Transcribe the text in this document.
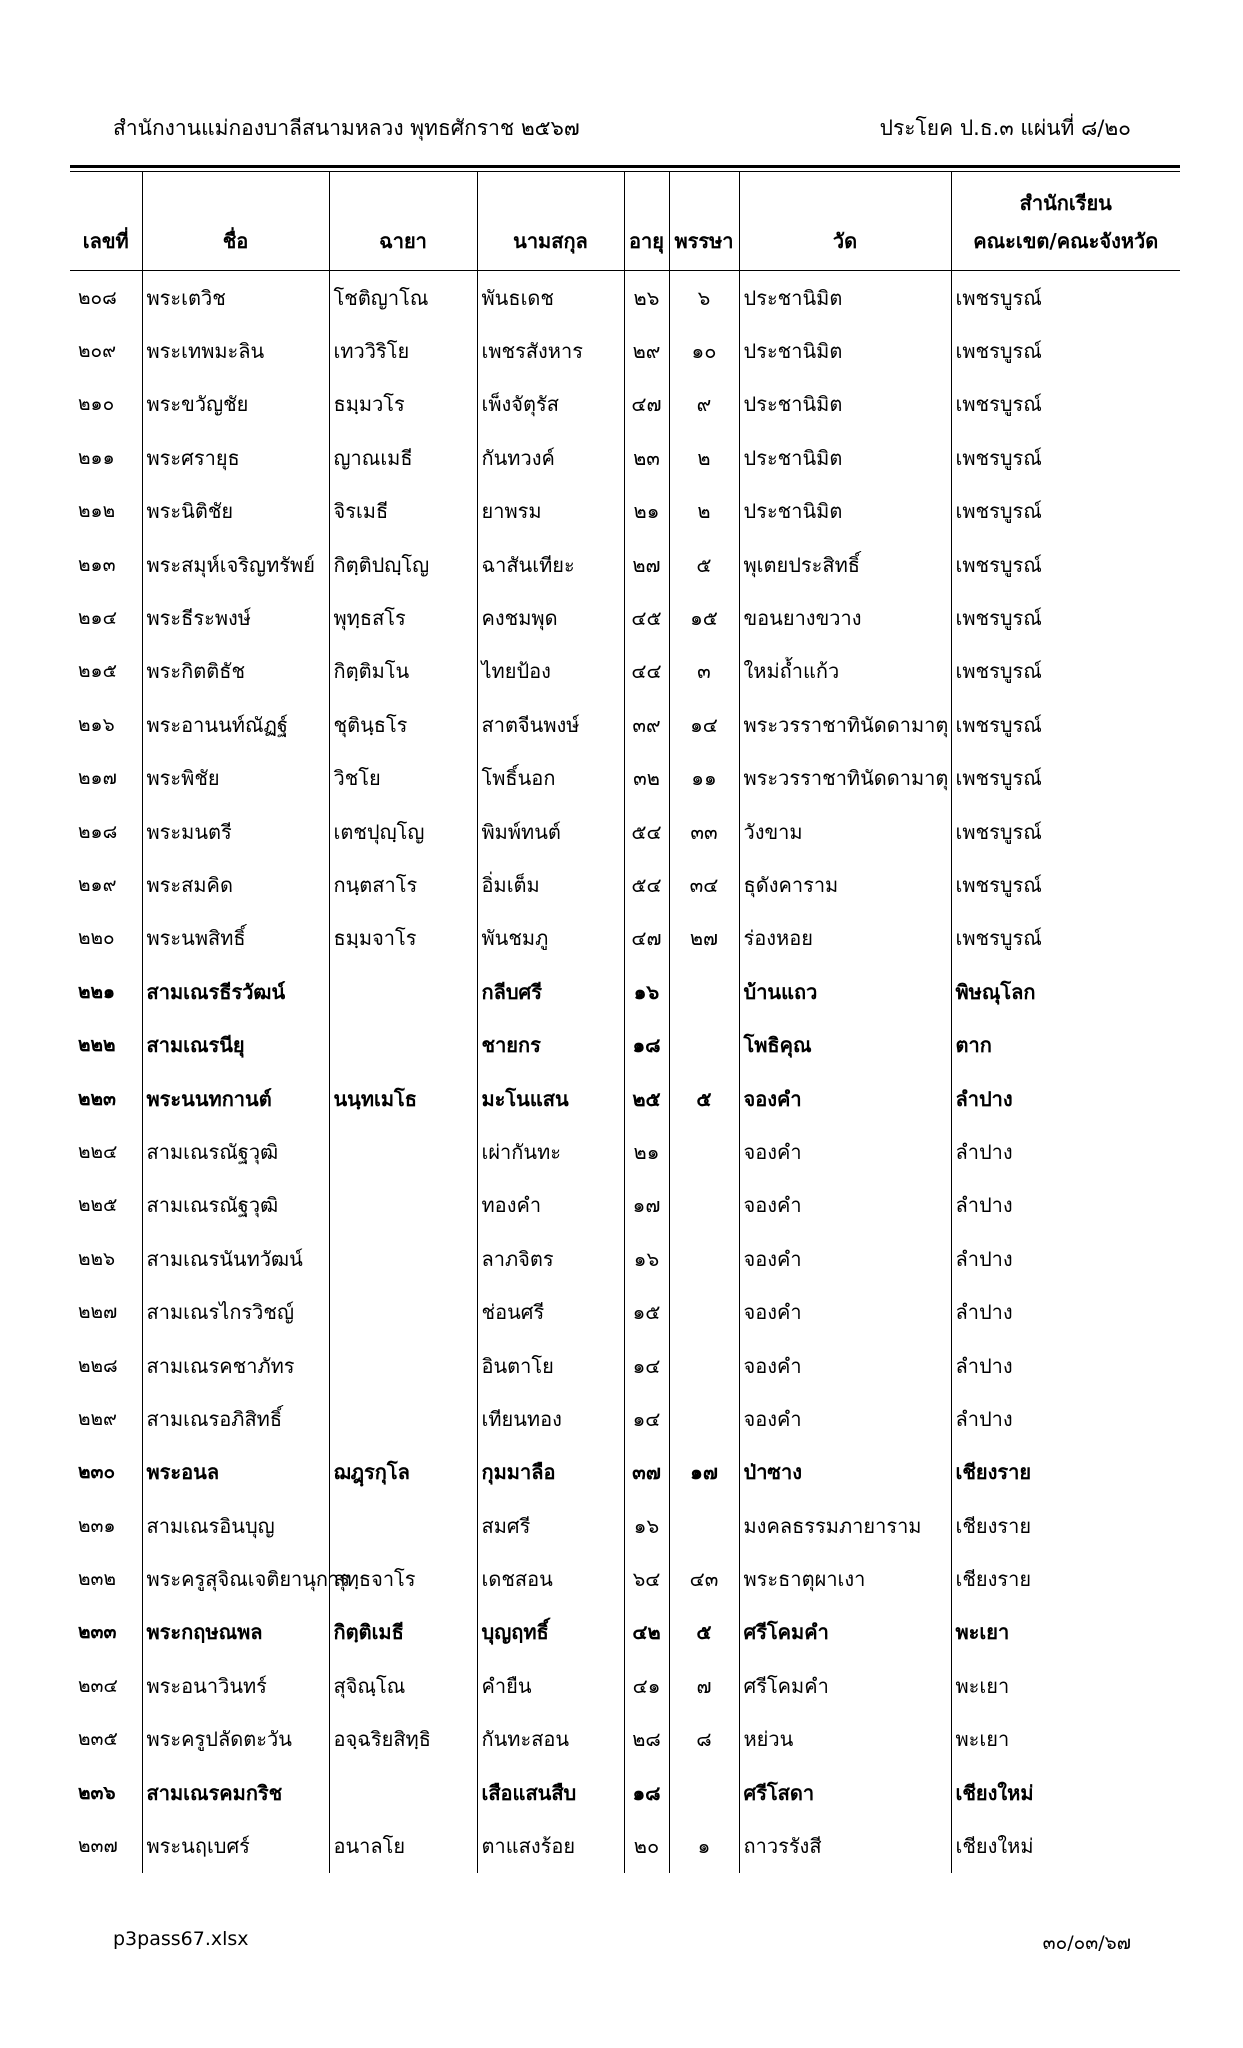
สำนักงานแม่กองบาลีสนามหลวง พุทธศักราช ๒๕๖๗	ประโยค ป.ธ.๓ แผ่นที่ ๘/๒๐
เลขที่	ชื่อ	ฉายา	นามสกุล	อายุ	พรรษา	วัด	สำนักเรียน
คณะเขต/คณะจังหวัด

๒๐๘	พระเตวิช	โชติญาโณ	พันธเดช	๒๖	๖	ประชานิมิต	เพชรบูรณ์
๒๐๙	พระเทพมะลิน	เทววิริโย	เพชรสังหาร	๒๙	๑๐	ประชานิมิต	เพชรบูรณ์
๒๑๐	พระขวัญชัย	ธมฺมวโร	เพ็งจัตุรัส	๔๗	๙	ประชานิมิต	เพชรบูรณ์
๒๑๑	พระศรายุธ	ญาณเมธี	กันทวงค์	๒๓	๒	ประชานิมิต	เพชรบูรณ์
๒๑๒	พระนิติชัย	จิรเมธี	ยาพรม	๒๑	๒	ประชานิมิต	เพชรบูรณ์
๒๑๓	พระสมุห์เจริญทรัพย์	กิตฺติปญฺโญ	ฉาสันเทียะ	๒๗	๕	พุเตยประสิทธิ์	เพชรบูรณ์
๒๑๔	พระธีระพงษ์	พุทฺธสโร	คงชมพุด	๔๕	๑๕	ขอนยางขวาง	เพชรบูรณ์
๒๑๕	พระกิตติธัช	กิตฺติมโน	ไทยป้อง	๔๔	๓	ใหม่ถ้ำแก้ว	เพชรบูรณ์
๒๑๖	พระอานนท์ณัฏฐ์	ชุตินฺธโร	สาตจีนพงษ์	๓๙	๑๔	พระวรราชาทินัดดามาตุ	เพชรบูรณ์
๒๑๗	พระพิชัย	วิชโย	โพธิ์นอก	๓๒	๑๑	พระวรราชาทินัดดามาตุ	เพชรบูรณ์
๒๑๘	พระมนตรี	เตชปุญฺโญ	พิมพ์ทนต์	๕๔	๓๓	วังขาม	เพชรบูรณ์
๒๑๙	พระสมคิด	กนฺตสาโร	อิ่มเต็ม	๕๔	๓๔	ธุดังคาราม	เพชรบูรณ์
๒๒๐	พระนพสิทธิ์	ธมฺมจาโร	พันชมภู	๔๗	๒๗	ร่องหอย	เพชรบูรณ์
๒๒๑	สามเณรธีรวัฒน์		กลีบศรี	๑๖		บ้านแถว	พิษณุโลก
๒๒๒	สามเณรนียุ		ชายกร	๑๘		โพธิคุณ	ตาก
๒๒๓	พระนนทกานต์	นนฺทเมโธ	มะโนแสน	๒๕	๕	จองคำ	ลำปาง
๒๒๔	สามเณรณัฐวุฒิ		เผ่ากันทะ	๒๑		จองคำ	ลำปาง
๒๒๕	สามเณรณัฐวุฒิ		ทองคำ	๑๗		จองคำ	ลำปาง
๒๒๖	สามเณรนันทวัฒน์		ลาภจิตร	๑๖		จองคำ	ลำปาง
๒๒๗	สามเณรไกรวิชญ์		ช่อนศรี	๑๕		จองคำ	ลำปาง
๒๒๘	สามเณรคชาภัทร		อินตาโย	๑๔		จองคำ	ลำปาง
๒๒๙	สามเณรอภิสิทธิ์		เทียนทอง	๑๔		จองคำ	ลำปาง
๒๓๐	พระอนล	ฌฎฺรกุโล	กุมมาลือ	๓๗	๑๗	ป่าซาง	เชียงราย
๒๓๑	สามเณรอินบุญ		สมศรี	๑๖		มงคลธรรมภายาราม	เชียงราย
๒๓๒	พระครูสุจิณเจติยานุการ	สุทฺธจาโร	เดชสอน	๖๔	๔๓	พระธาตุผาเงา	เชียงราย
๒๓๓	พระกฤษณพล	กิตฺติเมธี	บุญฤทธิ์	๔๒	๕	ศรีโคมคำ	พะเยา
๒๓๔	พระอนาวินทร์	สุจิณฺโณ	คำยืน	๔๑	๗	ศรีโคมคำ	พะเยา
๒๓๕	พระครูปลัดตะวัน	อจฺฉริยสิทฺธิ	กันทะสอน	๒๘	๘	หย่วน	พะเยา
๒๓๖	สามเณรคมกริช		เสือแสนสืบ	๑๘		ศรีโสดา	เชียงใหม่
๒๓๗	พระนฤเบศร์	อนาลโย	ตาแสงร้อย	๒๐	๑	ถาวรรังสี	เชียงใหม่
p3pass67.xlsx	๓๐/๐๓/๖๗
